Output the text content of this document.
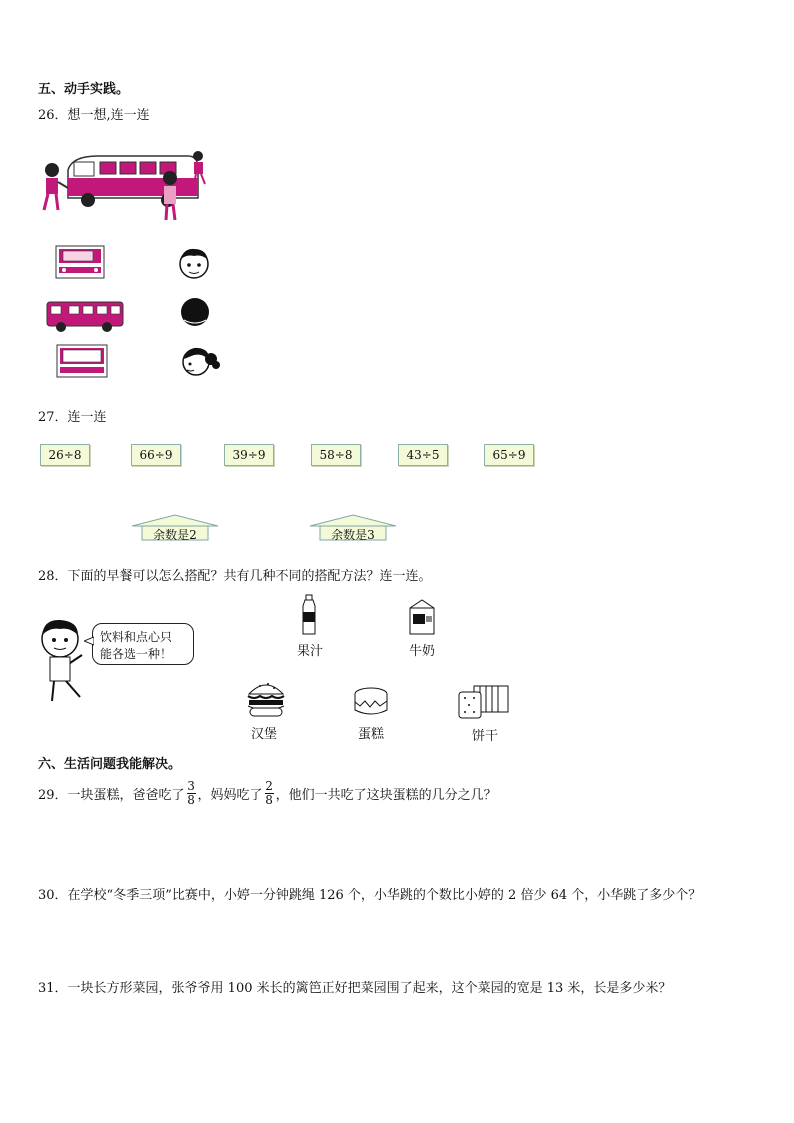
五、动手实践。
26．想一想,连一连
27．连一连
26÷8	66÷9	39÷9	58÷8	43÷5	65÷9
余数是2	余数是3
28．下面的早餐可以怎么搭配？共有几种不同的搭配方法？连一连。
饮料和点心只
能各选一种！	果汁	牛奶
汉堡	蛋糕	饼干
六、生活问题我能解决。
29．一块蛋糕，爸爸吃了 $\frac{3}{8}$ ，妈妈吃了 $\frac{2}{8}$ ，他们一共吃了这块蛋糕的几分之几？
30．在学校“冬季三项”比赛中，小婷一分钟跳绳 126 个，小华跳的个数比小婷的 2 倍少 64 个，小华跳了多少个？
31．一块长方形菜园，张爷爷用 100 米长的篱笆正好把菜园围了起来，这个菜园的宽是 13 米，长是多少米？
